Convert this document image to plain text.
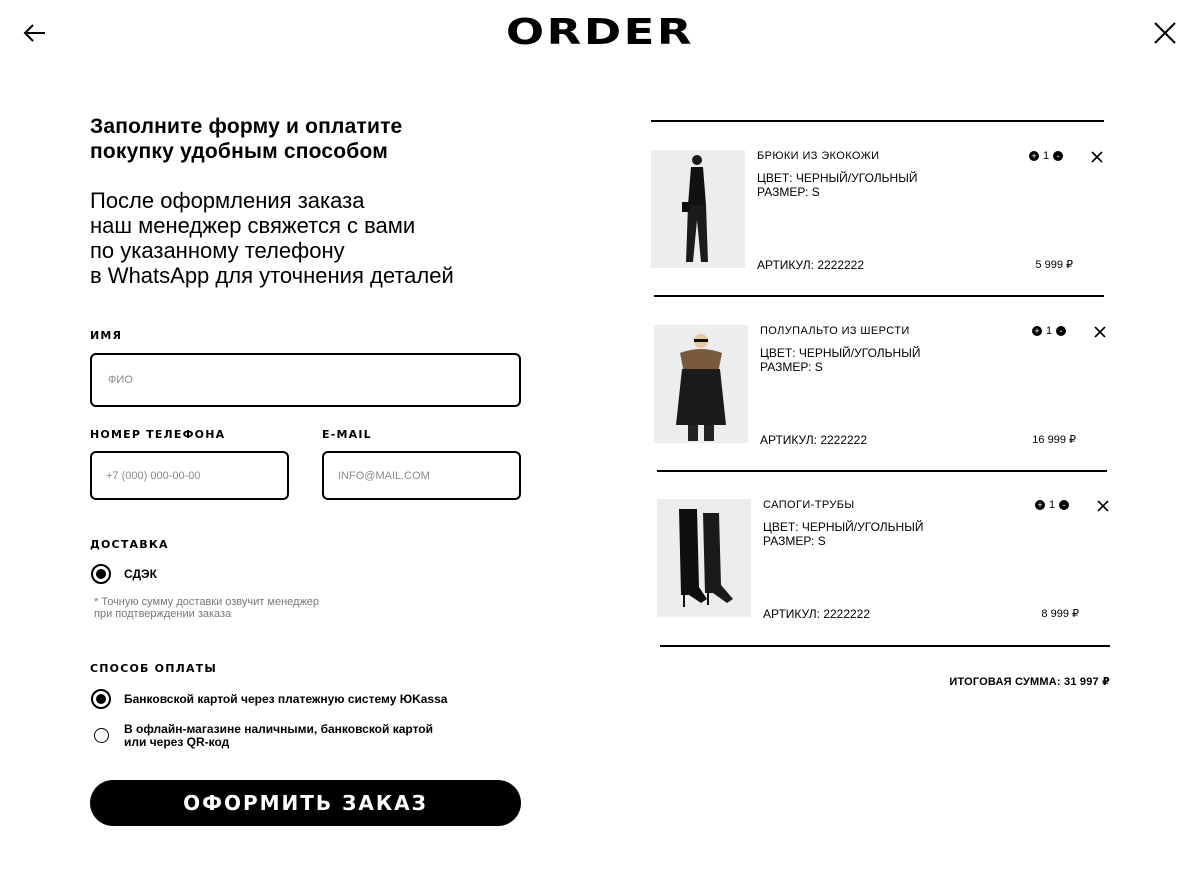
ORDER
Заполните форму и оплатите
покупку удобным способом
После оформления заказа
наш менеджер свяжется с вами
по указанному телефону
в WhatsApp для уточнения деталей
ИМЯ
ФИО
НОМЕР ТЕЛЕФОНА
+7 (000) 000-00-00	E-MAIL
INFO@MAIL.COM
ДОСТАВКА
СДЭК
* Точную сумму доставки озвучит менеджер
при подтверждении заказа
СПОСОБ ОПЛАТЫ
Банковской картой через платежную систему ЮKassa
В офлайн-магазине наличными, банковской картой
или через QR-код
ОФОРМИТЬ ЗАКАЗ
БРЮКИ ИЗ ЭКОКОЖИ
ЦВЕТ: ЧЕРНЫЙ/УГОЛЬНЫЙ
РАЗМЕР: S
+ 1 -
АРТИКУЛ: 2222222	5 999 ₽
ПОЛУПАЛЬТО ИЗ ШЕРСТИ
ЦВЕТ: ЧЕРНЫЙ/УГОЛЬНЫЙ
РАЗМЕР: S
+ 1 -
АРТИКУЛ: 2222222	16 999 ₽
САПОГИ-ТРУБЫ
ЦВЕТ: ЧЕРНЫЙ/УГОЛЬНЫЙ
РАЗМЕР: S
+ 1 -
АРТИКУЛ: 2222222	8 999 ₽
ИТОГОВАЯ СУММА: 31 997 ₽
